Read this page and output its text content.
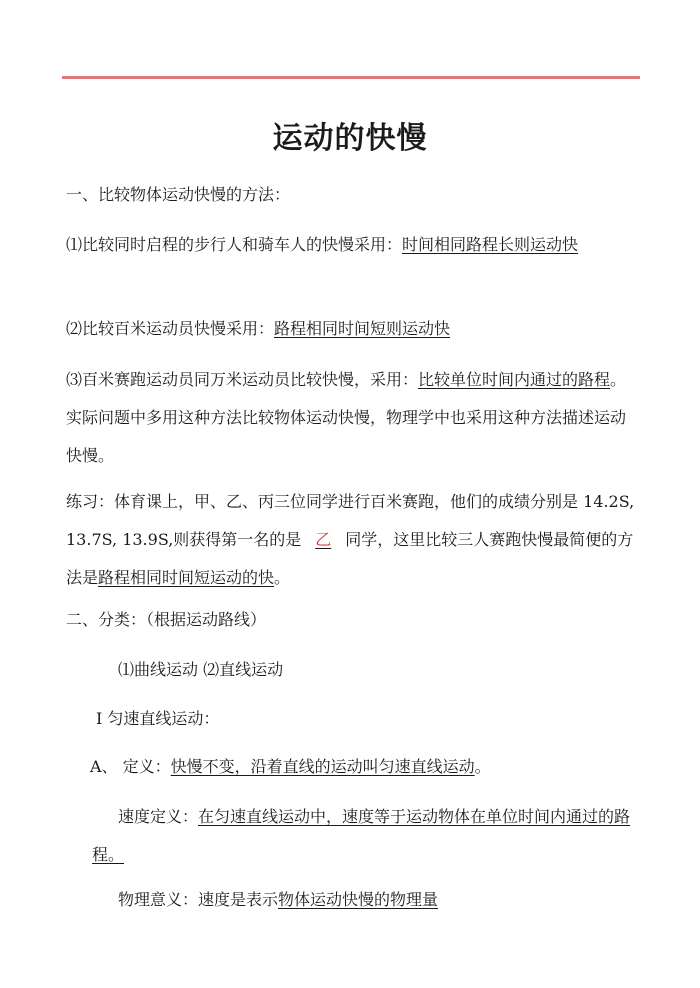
运动的快慢

一、比较物体运动快慢的方法：

⑴比较同时启程的步行人和骑车人的快慢采用：时间相同路程长则运动快

⑵比较百米运动员快慢采用：路程相同时间短则运动快

⑶百米赛跑运动员同万米运动员比较快慢，采用：比较单位时间内通过的路程。实际问题中多用这种方法比较物体运动快慢，物理学中也采用这种方法描述运动快慢。

练习：体育课上，甲、乙、丙三位同学进行百米赛跑，他们的成绩分别是 14.2S, 13.7S, 13.9S,则获得第一名的是 乙 同学，这里比较三人赛跑快慢最简便的方法是路程相同时间短运动的快。

二、分类：（根据运动路线）

⑴曲线运动 ⑵直线运动

Ⅰ 匀速直线运动：

A、 定义：快慢不变，沿着直线的运动叫匀速直线运动。

速度定义：在匀速直线运动中，速度等于运动物体在单位时间内通过的路程。

物理意义：速度是表示物体运动快慢的物理量
